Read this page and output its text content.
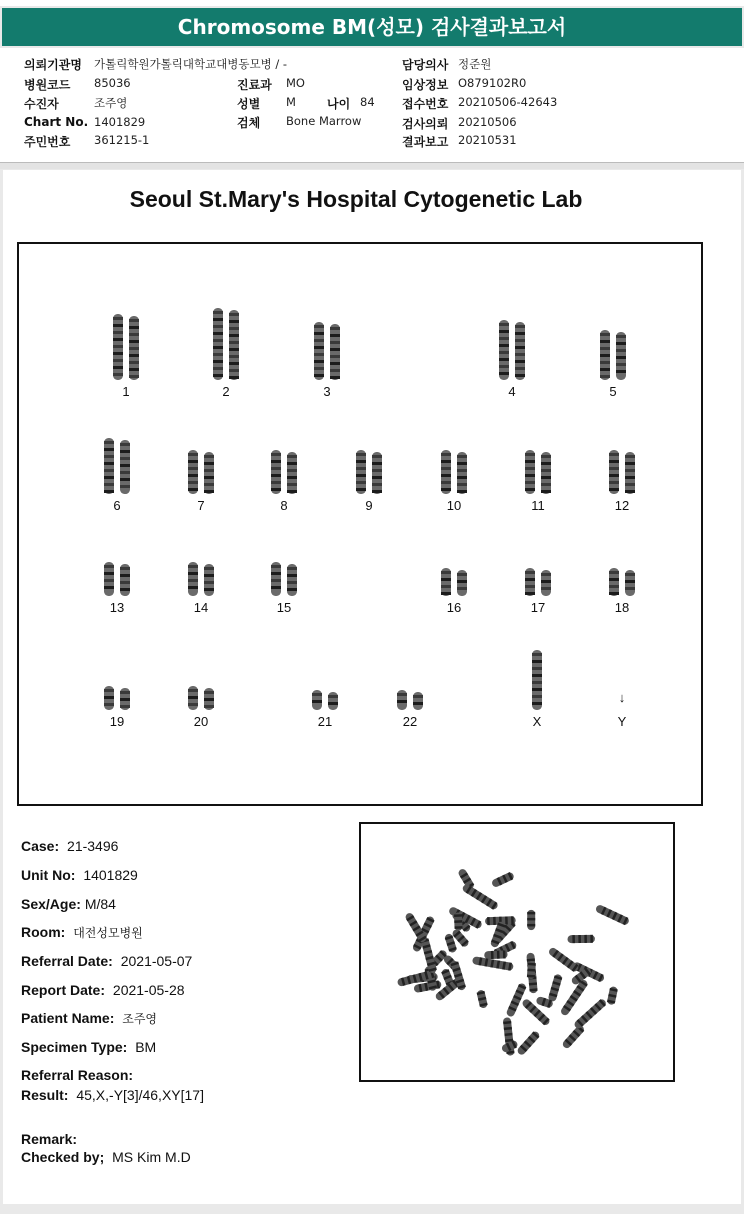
Chromosome BM(성모) 검사결과보고서
의뢰기관명 가톨릭학원가톨릭대학교대병동모병 / -
병원코드 85036	진료과 MO
수진자	조주영	성별 M	나이 84
Chart No. 1401829	검체 Bone Marrow
주민번호 361215-1
담당의사 정준원
임상정보 O879102R0
접수번호 20210506-42643
검사의뢰 20210506
결과보고 20210531
Seoul St.Mary's Hospital Cytogenetic Lab
1	2	3	4	5
6	7	8	9	10	11	12
13	14	15	16	17	18
19	20	21	22	X	Y
↓
Case: 21-3496
Unit No: 1401829
Sex/Age: M/84
Room: 대전성모병원
Referral Date: 2021-05-07
Report Date: 2021-05-28
Patient Name: 조주영
Specimen Type: BM
Referral Reason:
Result: 45,X,-Y[3]/46,XY[17]
Remark:
Checked by; MS Kim M.D
